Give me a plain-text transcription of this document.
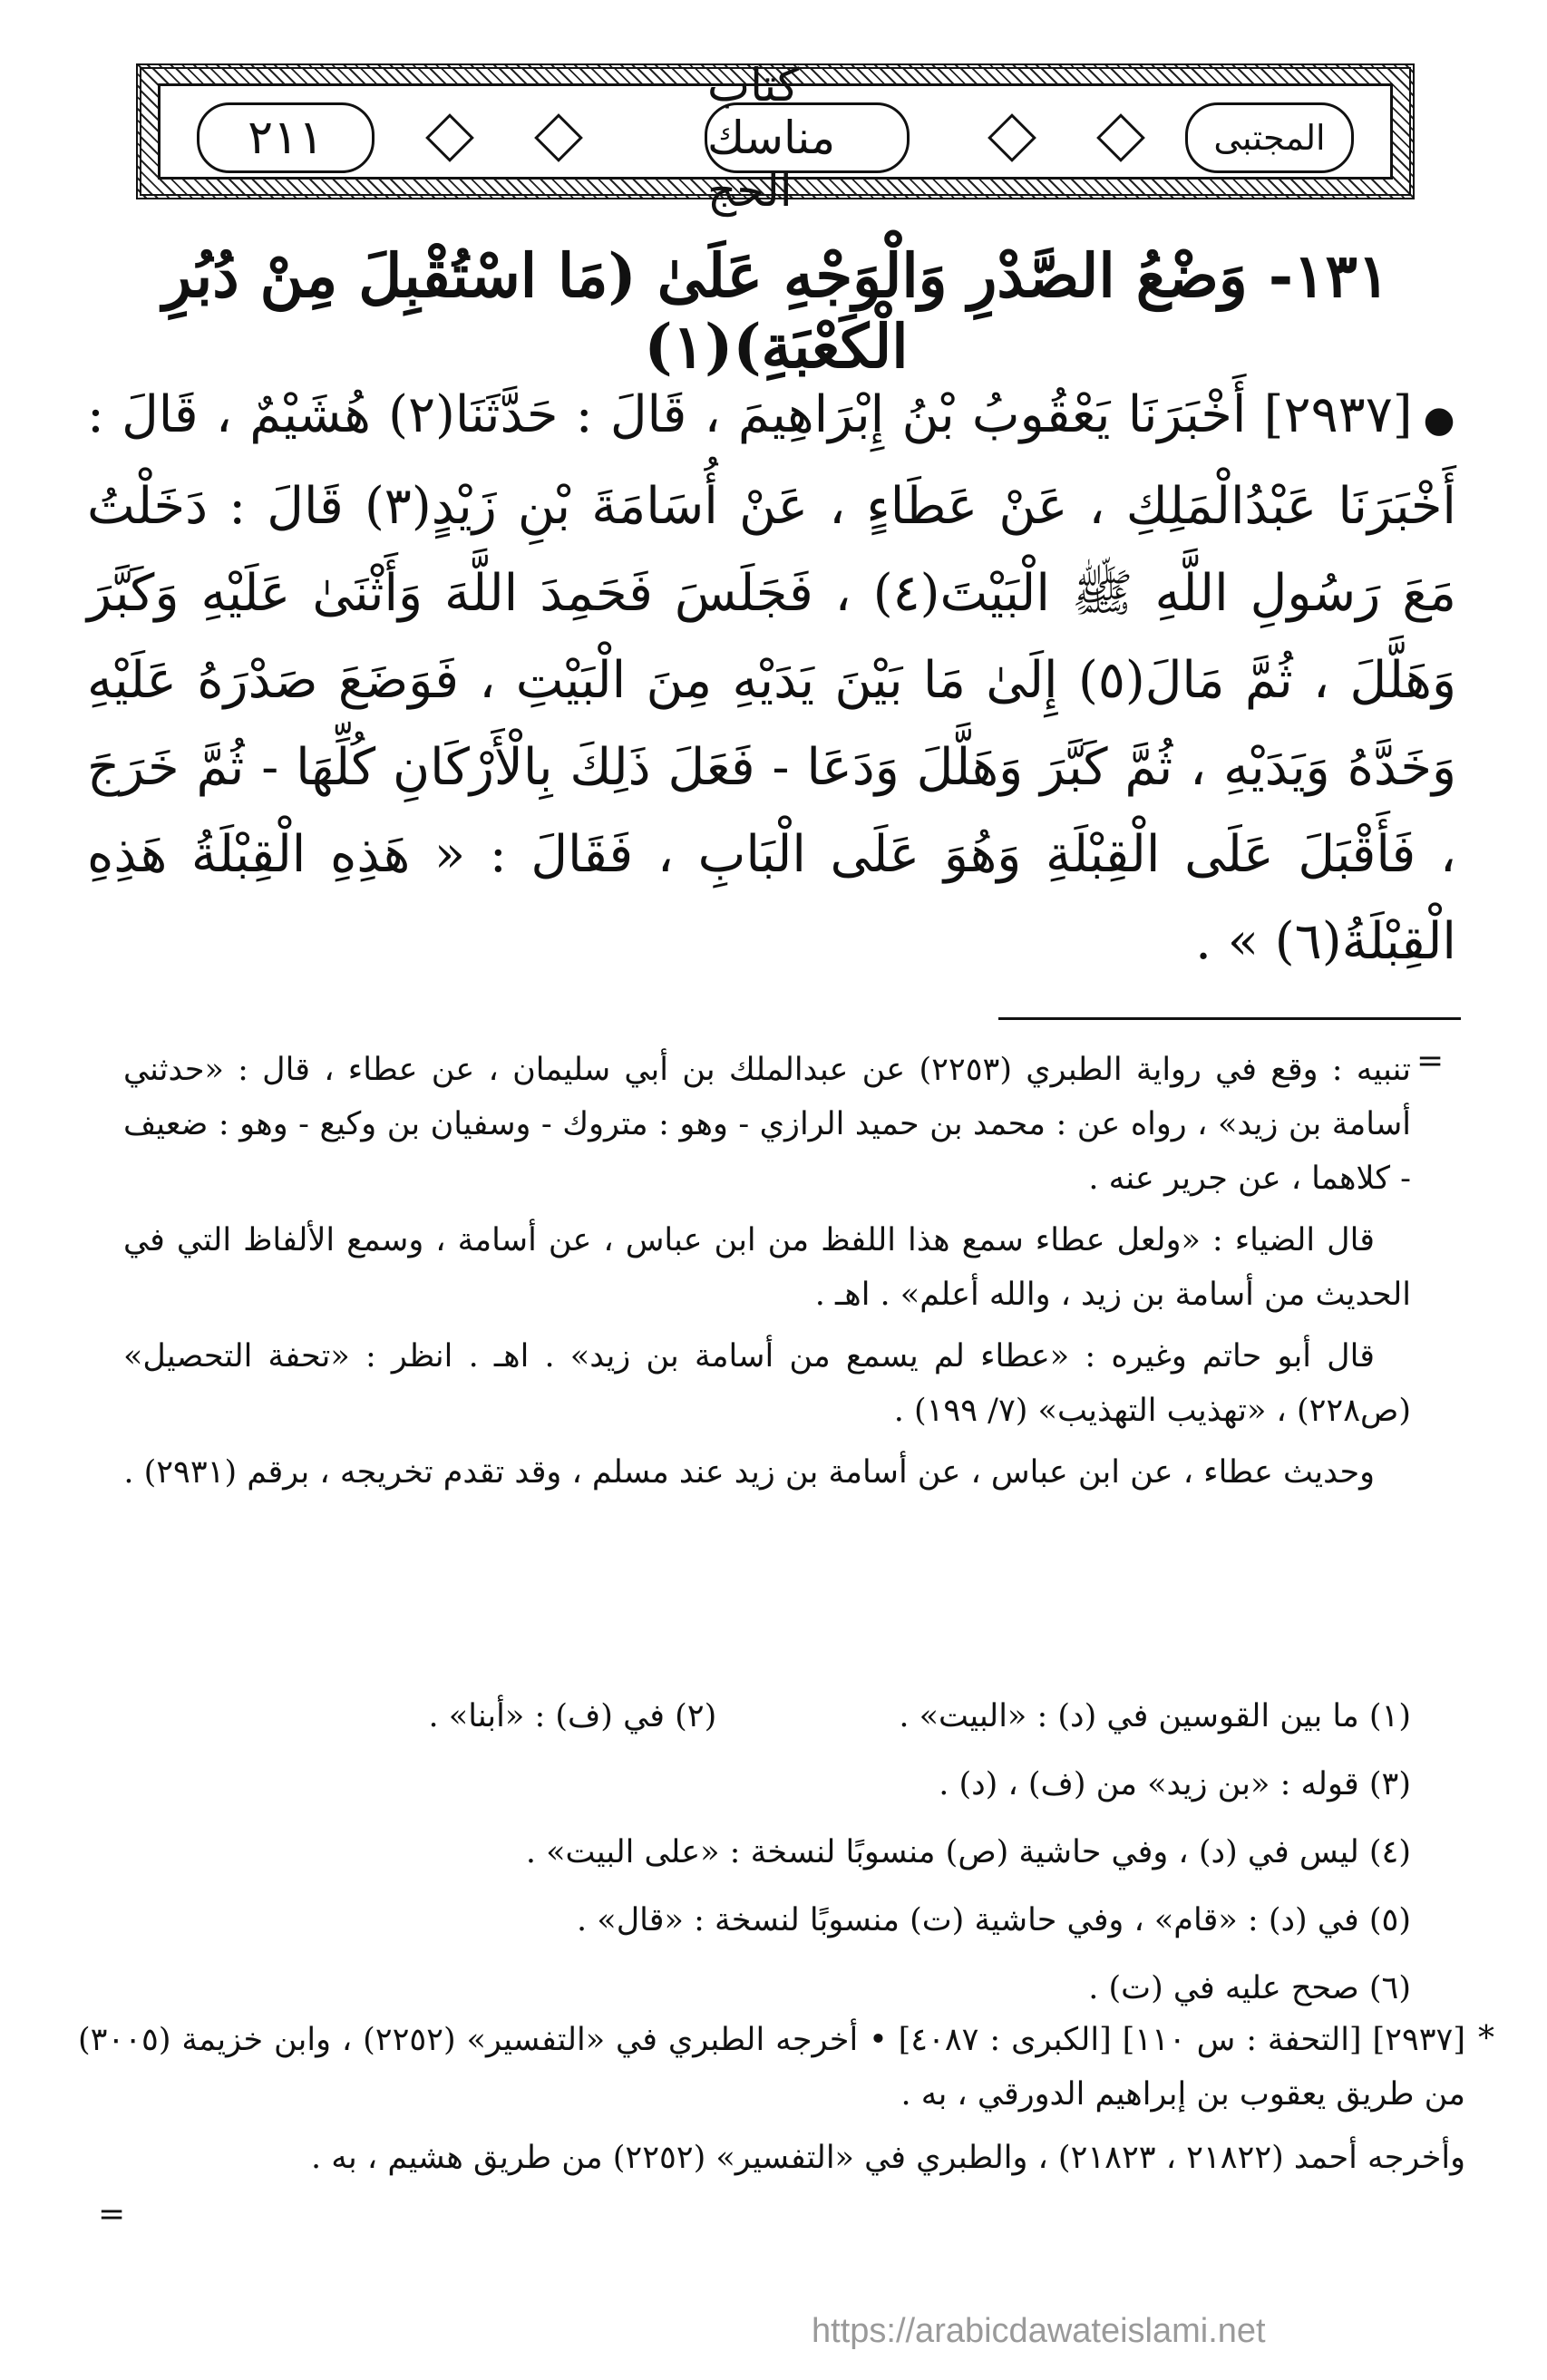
٢١١
كتاب مناسك الحج
المجتبى
١٣١- وَضْعُ الصَّدْرِ وَالْوَجْهِ عَلَىٰ (مَا اسْتُقْبِلَ مِنْ دُبُرِ الْكَعْبَةِ)(١)
●[٢٩٣٧] أَخْبَرَنَا يَعْقُوبُ بْنُ إِبْرَاهِيمَ ، قَالَ : حَدَّثَنَا(٢) هُشَيْمٌ ، قَالَ : أَخْبَرَنَا عَبْدُالْمَلِكِ ، عَنْ عَطَاءٍ ، عَنْ أُسَامَةَ بْنِ زَيْدٍ(٣) قَالَ : دَخَلْتُ مَعَ رَسُولِ اللَّهِ ﷺ الْبَيْتَ(٤) ، فَجَلَسَ فَحَمِدَ اللَّهَ وَأَثْنَىٰ عَلَيْهِ وَكَبَّرَ وَهَلَّلَ ، ثُمَّ مَالَ(٥) إِلَىٰ مَا بَيْنَ يَدَيْهِ مِنَ الْبَيْتِ ، فَوَضَعَ صَدْرَهُ عَلَيْهِ وَخَدَّهُ وَيَدَيْهِ ، ثُمَّ كَبَّرَ وَهَلَّلَ وَدَعَا - فَعَلَ ذَلِكَ بِالْأَرْكَانِ كُلِّهَا - ثُمَّ خَرَجَ ، فَأَقْبَلَ عَلَى الْقِبْلَةِ وَهُوَ عَلَى الْبَابِ ، فَقَالَ : « هَذِهِ الْقِبْلَةُ هَذِهِ الْقِبْلَةُ(٦) » .
=

تنبيه : وقع في رواية الطبري (٢٢٥٣) عن عبدالملك بن أبي سليمان ، عن عطاء ، قال : «حدثني أسامة بن زيد» ، رواه عن : محمد بن حميد الرازي - وهو : متروك - وسفيان بن وكيع - وهو : ضعيف - كلاهما ، عن جرير عنه .

قال الضياء : «ولعل عطاء سمع هذا اللفظ من ابن عباس ، عن أسامة ، وسمع الألفاظ التي في الحديث من أسامة بن زيد ، والله أعلم» . اهـ .

قال أبو حاتم وغيره : «عطاء لم يسمع من أسامة بن زيد» . اهـ . انظر : «تحفة التحصيل» (ص٢٢٨) ، «تهذيب التهذيب» (٧/ ١٩٩) .

وحديث عطاء ، عن ابن عباس ، عن أسامة بن زيد عند مسلم ، وقد تقدم تخريجه ، برقم (٢٩٣١) .

(١) ما بين القوسين في (د) : «البيت» . (٢) في (ف) : «أبنا» .
(٣) قوله : «بن زيد» من (ف) ، (د) .
(٤) ليس في (د) ، وفي حاشية (ص) منسوبًا لنسخة : «على البيت» .
(٥) في (د) : «قام» ، وفي حاشية (ت) منسوبًا لنسخة : «قال» .
(٦) صحح عليه في (ت) .
*

[٢٩٣٧] [التحفة : س ١١٠] [الكبرى : ٤٠٨٧] • أخرجه الطبري في «التفسير» (٢٢٥٢) ، وابن خزيمة (٣٠٠٥) من طريق يعقوب بن إبراهيم الدورقي ، به .

وأخرجه أحمد (٢١٨٢٢ ، ٢١٨٢٣) ، والطبري في «التفسير» (٢٢٥٢) من طريق هشيم ، به .

=
https://arabicdawateislami.net
